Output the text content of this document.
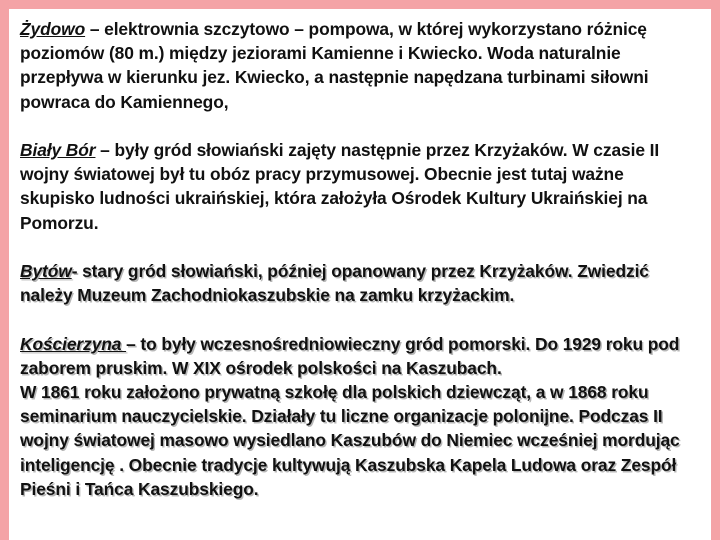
Żydowo – elektrownia szczytowo – pompowa, w której wykorzystano różnicę poziomów (80 m.) między jeziorami Kamienne i Kwiecko. Woda naturalnie przepływa w kierunku jez. Kwiecko, a następnie napędzana turbinami siłowni powraca do Kamiennego,

Biały Bór – były gród słowiański zajęty następnie przez Krzyżaków. W czasie II wojny światowej był tu obóz pracy przymusowej. Obecnie jest tutaj ważne skupisko ludności ukraińskiej, która założyła Ośrodek Kultury Ukraińskiej na Pomorzu.

Bytów- stary gród słowiański, później opanowany przez Krzyżaków. Zwiedzić należy Muzeum Zachodniokaszubskie na zamku krzyżackim.

Kościerzyna – to były wczesnośredniowieczny gród pomorski. Do 1929 roku pod zaborem pruskim. W XIX ośrodek polskości na Kaszubach.
W 1861 roku założono prywatną szkołę dla polskich dziewcząt, a w 1868 roku seminarium nauczycielskie. Działały tu liczne organizacje polonijne. Podczas II wojny światowej masowo wysiedlano Kaszubów do Niemiec wcześniej mordując inteligencję . Obecnie tradycje kultywują Kaszubska Kapela Ludowa oraz Zespół Pieśni i Tańca Kaszubskiego.
